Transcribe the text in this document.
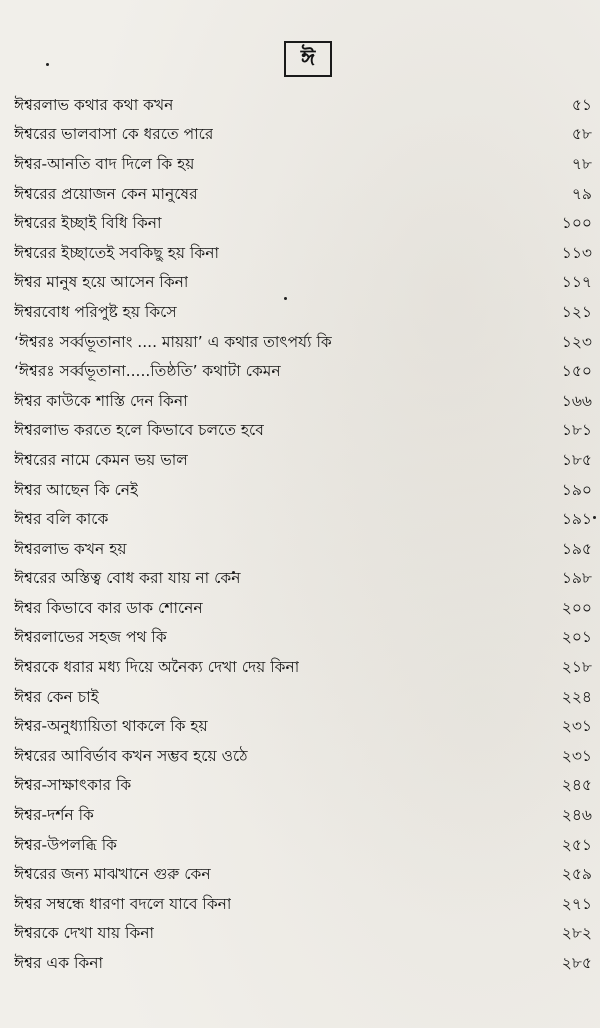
ঈ
ঈশ্বরলাভ কথার কথা কখন	৫১
ঈশ্বরের ভালবাসা কে ধরতে পারে	৫৮
ঈশ্বর-আনতি বাদ দিলে কি হয়	৭৮
ঈশ্বরের প্রয়োজন কেন মানুষের	৭৯
ঈশ্বরের ইচ্ছাই বিধি কিনা	১০০
ঈশ্বরের ইচ্ছাতেই সবকিছু হয় কিনা	১১৩
ঈশ্বর মানুষ হয়ে আসেন কিনা	১১৭
ঈশ্বরবোধ পরিপুষ্ট হয় কিসে	১২১
‘ঈশ্বরঃ সর্ব্বভূতানাং .... মায়য়া’ এ কথার তাৎপর্য্য কি	১২৩
‘ঈশ্বরঃ সর্ব্বভূতানা.....তিষ্ঠতি’ কথাটা কেমন	১৫০
ঈশ্বর কাউকে শাস্তি দেন কিনা	১৬৬
ঈশ্বরলাভ করতে হলে কিভাবে চলতে হবে	১৮১
ঈশ্বরের নামে কেমন ভয় ভাল	১৮৫
ঈশ্বর আছেন কি নেই	১৯০
ঈশ্বর বলি কাকে	১৯১
ঈশ্বরলাভ কখন হয়	১৯৫
ঈশ্বরের অস্তিত্ব বোধ করা যায় না কেন	১৯৮
ঈশ্বর কিভাবে কার ডাক শোনেন	২০০
ঈশ্বরলাভের সহজ পথ কি	২০১
ঈশ্বরকে ধরার মধ্য দিয়ে অনৈক্য দেখা দেয় কিনা	২১৮
ঈশ্বর কেন চাই	২২৪
ঈশ্বর-অনুধ্যায়িতা থাকলে কি হয়	২৩১
ঈশ্বরের আবির্ভাব কখন সম্ভব হয়ে ওঠে	২৩১
ঈশ্বর-সাক্ষাৎকার কি	২৪৫
ঈশ্বর-দর্শন কি	২৪৬
ঈশ্বর-উপলব্ধি কি	২৫১
ঈশ্বরের জন্য মাঝখানে গুরু কেন	২৫৯
ঈশ্বর সম্বন্ধে ধারণা বদলে যাবে কিনা	২৭১
ঈশ্বরকে দেখা যায় কিনা	২৮২
ঈশ্বর এক কিনা	২৮৫
